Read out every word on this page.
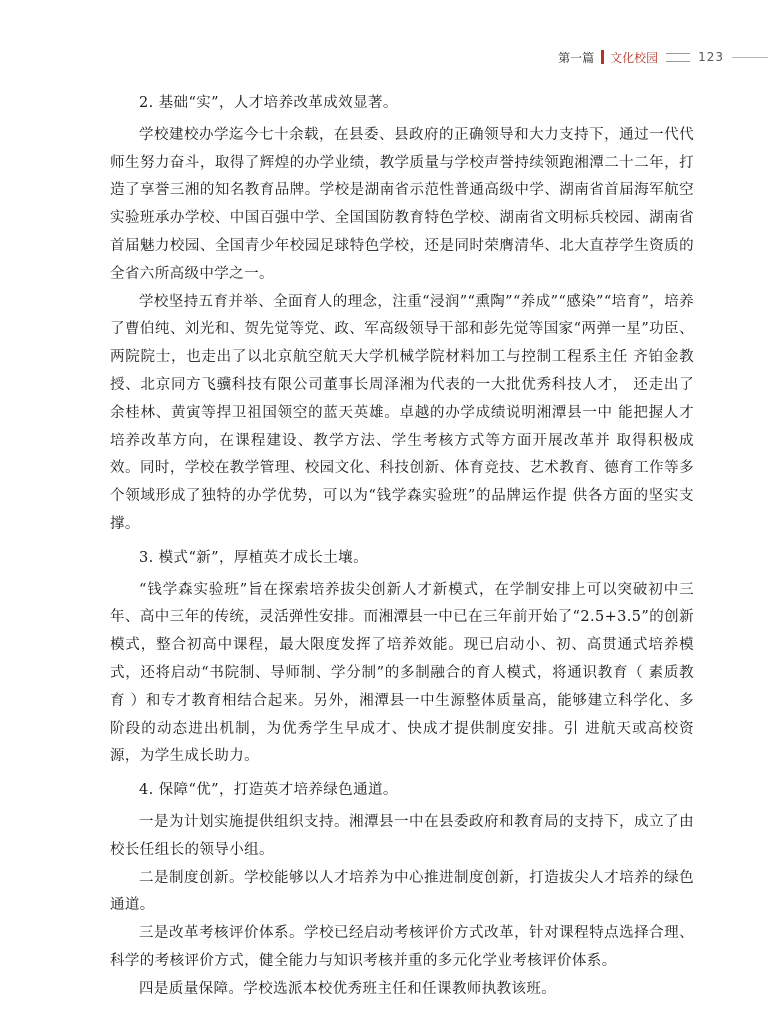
第一篇 文化校园	123

2. 基础“实”，人才培养改革成效显著。

学校建校办学迄今七十余载，在县委、县政府的正确领导和大力支持下，通过一代代师生努力奋斗，取得了辉煌的办学业绩，教学质量与学校声誉持续领跑湘潭二十二年，打造了享誉三湘的知名教育品牌。学校是湖南省示范性普通高级中学、湖南省首届海军航空实验班承办学校、中国百强中学、全国国防教育特色学校、湖南省文明标兵校园、湖南省首届魅力校园、全国青少年校园足球特色学校，还是同时荣膺清华、北大直荐学生资质的全省六所高级中学之一。

学校坚持五育并举、全面育人的理念，注重“浸润”“熏陶”“养成”“感染”“培育”，培养了曹伯纯、刘光和、贺先觉等党、政、军高级领导干部和彭先觉等国家“两弹一星”功臣、两院院士，也走出了以北京航空航天大学机械学院材料加工与控制工程系主任 齐铂金教授、北京同方飞骥科技有限公司董事长周泽湘为代表的一大批优秀科技人才， 还走出了余桂林、黄寅等捍卫祖国领空的蓝天英雄。卓越的办学成绩说明湘潭县一中 能把握人才培养改革方向，在课程建设、教学方法、学生考核方式等方面开展改革并 取得积极成效。同时，学校在教学管理、校园文化、科技创新、体育竞技、艺术教育、德育工作等多个领域形成了独特的办学优势，可以为“钱学森实验班”的品牌运作提 供各方面的坚实支撑。

3. 模式“新”，厚植英才成长土壤。

“钱学森实验班”旨在探索培养拔尖创新人才新模式，在学制安排上可以突破初中三年、高中三年的传统，灵活弹性安排。而湘潭县一中已在三年前开始了“2.5+3.5”的创新模式，整合初高中课程，最大限度发挥了培养效能。现已启动小、初、高贯通式培养模式，还将启动“书院制、导师制、学分制”的多制融合的育人模式，将通识教育（ 素质教育 ）和专才教育相结合起来。另外，湘潭县一中生源整体质量高，能够建立科学化、多阶段的动态进出机制，为优秀学生早成才、快成才提供制度安排。引 进航天或高校资源，为学生成长助力。

4. 保障“优”，打造英才培养绿色通道。

一是为计划实施提供组织支持。湘潭县一中在县委政府和教育局的支持下，成立了由校长任组长的领导小组。

二是制度创新。学校能够以人才培养为中心推进制度创新，打造拔尖人才培养的绿色通道。

三是改革考核评价体系。学校已经启动考核评价方式改革，针对课程特点选择合理、科学的考核评价方式，健全能力与知识考核并重的多元化学业考核评价体系。

四是质量保障。学校选派本校优秀班主任和任课教师执教该班。
